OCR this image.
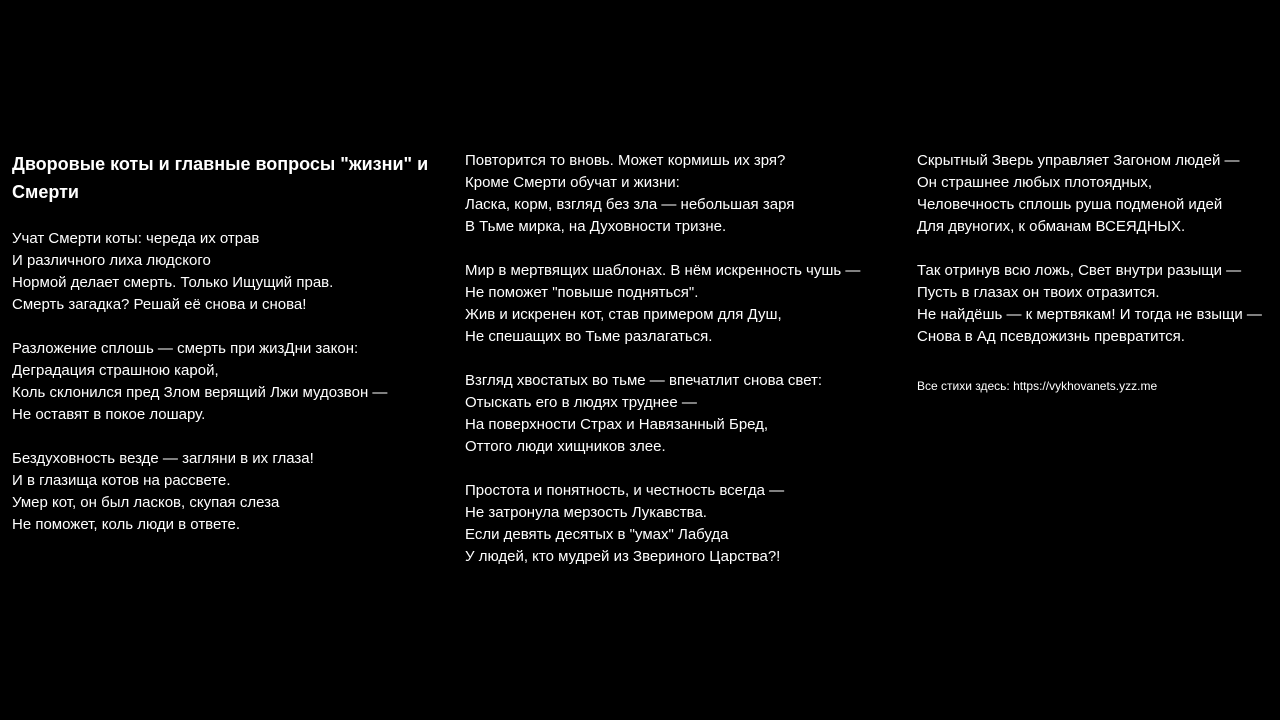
Дворовые коты и главные вопросы "жизни" и Смерти
Учат Смерти коты: череда их отрав
И различного лиха людского
Нормой делает смерть. Только Ищущий прав.
Смерть загадка? Решай её снова и снова!
Разложение сплошь — смерть при жизДни закон:
Деградация страшною карой,
Коль склонился пред Злом верящий Лжи мудозвон —
Не оставят в покое лошару.
Бездуховность везде — загляни в их глаза!
И в глазища котов на рассвете.
Умер кот, он был ласков, скупая слеза
Не поможет, коль люди в ответе.
Повторится то вновь. Может кормишь их зря?
Кроме Смерти обучат и жизни:
Ласка, корм, взгляд без зла — небольшая заря
В Тьме мирка, на Духовности тризне.
Мир в мертвящих шаблонах. В нём искренность чушь —
Не поможет "повыше подняться".
Жив и искренен кот, став примером для Душ,
Не спешащих во Тьме разлагаться.
Взгляд хвостатых во тьме — впечатлит снова свет:
Отыскать его в людях труднее —
На поверхности Страх и Навязанный Бред,
Оттого люди хищников злее.
Простота и понятность, и честность всегда —
Не затронула мерзость Лукавства.
Если девять десятых в "умах" Лабуда
У людей, кто мудрей из Звериного Царства?!
Скрытный Зверь управляет Загоном людей —
Он страшнее любых плотоядных,
Человечность сплошь руша подменой идей
Для двуногих, к обманам ВСЕЯДНЫХ.
Так отринув всю ложь, Свет внутри разыщи —
Пусть в глазах он твоих отразится.
Не найдёшь — к мертвякам! И тогда не взыщи —
Снова в Ад псевдожизнь превратится.
Все стихи здесь: https://vykhovanets.yzz.me
